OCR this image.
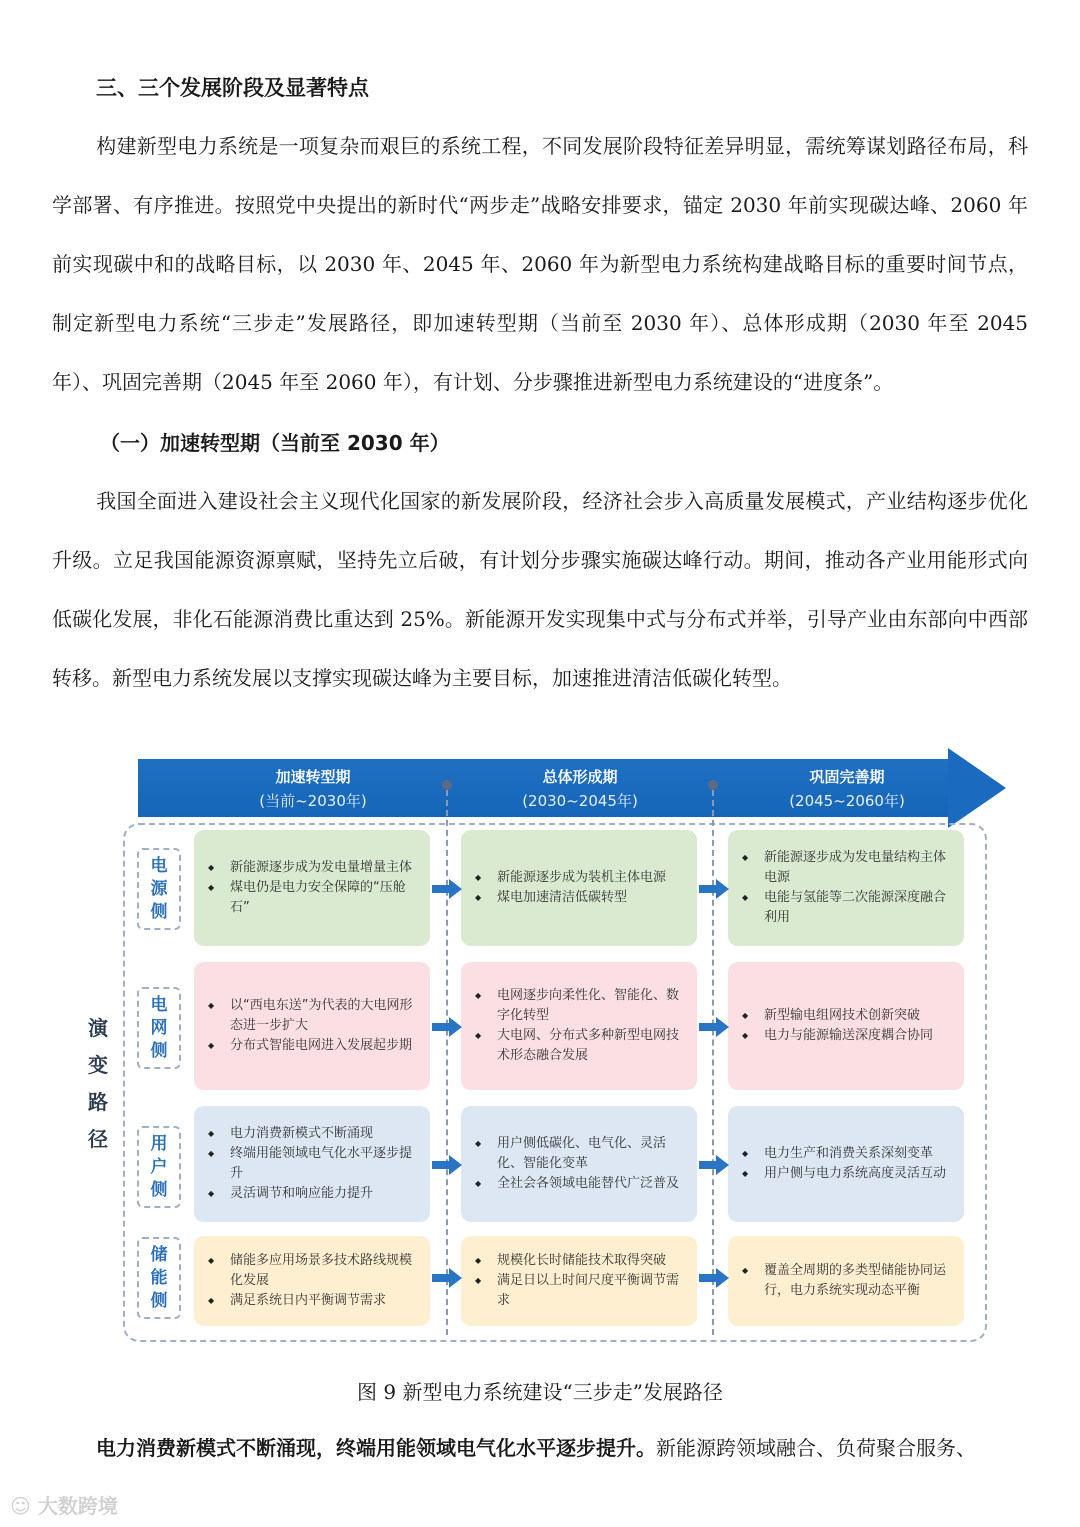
三、三个发展阶段及显著特点
构建新型电力系统是一项复杂而艰巨的系统工程，不同发展阶段特征差异明显，需统筹谋划路径布局，科学部署、有序推进。按照党中央提出的新时代“两步走”战略安排要求，锚定 2030 年前实现碳达峰、2060 年前实现碳中和的战略目标，以 2030 年、2045 年、2060 年为新型电力系统构建战略目标的重要时间节点，制定新型电力系统“三步走”发展路径，即加速转型期（当前至 2030 年）、总体形成期（2030 年至 2045 年）、巩固完善期（2045 年至 2060 年），有计划、分步骤推进新型电力系统建设的“进度条”。
（一）加速转型期（当前至 2030 年）
我国全面进入建设社会主义现代化国家的新发展阶段，经济社会步入高质量发展模式，产业结构逐步优化升级。立足我国能源资源禀赋，坚持先立后破，有计划分步骤实施碳达峰行动。期间，推动各产业用能形式向低碳化发展，非化石能源消费比重达到 25%。新能源开发实现集中式与分布式并举，引导产业由东部向中西部转移。新型电力系统发展以支撑实现碳达峰为主要目标，加速推进清洁低碳化转型。
加速转型期
(当前~2030年)
总体形成期
(2030~2045年)
巩固完善期
(2045~2060年)
演
变
路
径
电
源
侧
◆ 新能源逐步成为发电量增量主体
◆ 煤电仍是电力安全保障的“压舱石”
◆ 新能源逐步成为装机主体电源
◆ 煤电加速清洁低碳转型
◆ 新能源逐步成为发电量结构主体电源
◆ 电能与氢能等二次能源深度融合利用
电
网
侧
◆ 以“西电东送”为代表的大电网形态进一步扩大
◆ 分布式智能电网进入发展起步期
◆ 电网逐步向柔性化、智能化、数字化转型
◆ 大电网、分布式多种新型电网技术形态融合发展
◆ 新型输电组网技术创新突破
◆ 电力与能源输送深度耦合协同
用
户
侧
◆ 电力消费新模式不断涌现
◆ 终端用能领域电气化水平逐步提升
◆ 灵活调节和响应能力提升
◆ 用户侧低碳化、电气化、灵活化、智能化变革
◆ 全社会各领域电能替代广泛普及
◆ 电力生产和消费关系深刻变革
◆ 用户侧与电力系统高度灵活互动
储
能
侧
◆ 储能多应用场景多技术路线规模化发展
◆ 满足系统日内平衡调节需求
◆ 规模化长时储能技术取得突破
◆ 满足日以上时间尺度平衡调节需求
◆ 覆盖全周期的多类型储能协同运行，电力系统实现动态平衡
图 9 新型电力系统建设“三步走”发展路径
电力消费新模式不断涌现，终端用能领域电气化水平逐步提升。新能源跨领域融合、负荷聚合服务、
☺︎ 大数跨境
